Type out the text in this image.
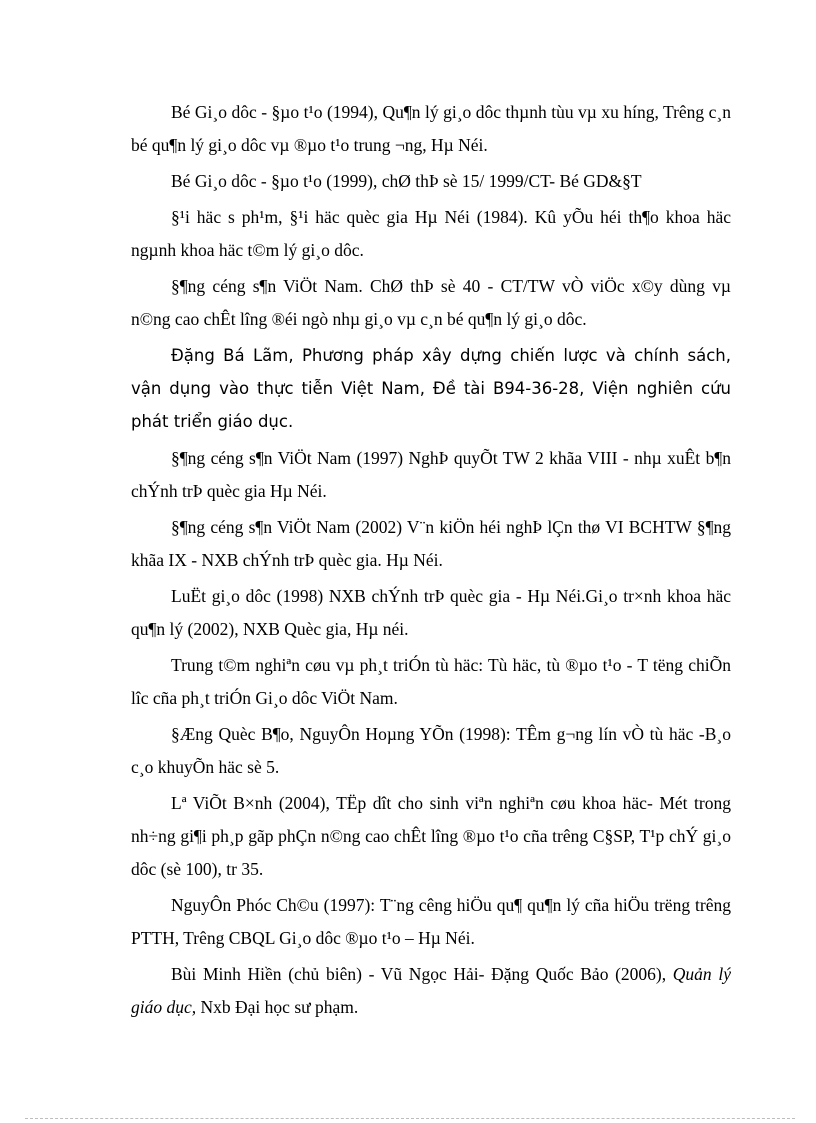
Bé Gi¸o dôc - §µo t¹o (1994), Qu¶n lý gi¸o dôc thµnh tùu vµ xu híng, Trêng c¸n bé qu¶n lý gi¸o dôc vµ ®µo t¹o trung ¬ng, Hµ Néi.

Bé Gi¸o dôc - §µo t¹o (1999), chØ thÞ sè 15/ 1999/CT- Bé GD&§T

§¹i häc s ph¹m, §¹i häc quèc gia Hµ Néi (1984). Kû yÕu héi th¶o khoa häc ngµnh khoa häc t©m lý gi¸o dôc.

§¶ng céng s¶n ViÖt Nam. ChØ thÞ sè 40 - CT/TW vÒ viÖc x©y dùng vµ n©ng cao chÊt lîng ®éi ngò nhµ gi¸o vµ c¸n bé qu¶n lý gi¸o dôc.

Đặng Bá Lãm, Phương pháp xây dựng chiến lược và chính sách, vận dụng vào thực tiễn Việt Nam, Đề tài B94-36-28, Viện nghiên cứu phát triển giáo dục.

§¶ng céng s¶n ViÖt Nam (1997) NghÞ quyÕt TW 2 khãa VIII - nhµ xuÊt b¶n chÝnh trÞ quèc gia Hµ Néi.

§¶ng céng s¶n ViÖt Nam (2002) V¨n kiÖn héi nghÞ lÇn thø VI BCHTW §¶ng khãa IX - NXB chÝnh trÞ quèc gia. Hµ Néi.

LuËt gi¸o dôc (1998) NXB chÝnh trÞ quèc gia - Hµ Néi.Gi¸o tr×nh khoa häc qu¶n lý (2002), NXB Quèc gia, Hµ néi.

Trung t©m nghiªn cøu vµ ph¸t triÓn tù häc: Tù häc, tù ®µo t¹o - T tëng chiÕn lîc cña ph¸t triÓn Gi¸o dôc ViÖt Nam.

§Æng Quèc B¶o, NguyÔn Hoµng YÕn (1998): TÊm g¬ng lín vÒ tù häc -B¸o c¸o khuyÕn häc sè 5.

Lª ViÕt B×nh (2004), TËp dît cho sinh viªn nghiªn cøu khoa häc- Mét trong nh÷ng gi¶i ph¸p gãp phÇn n©ng cao chÊt lîng ®µo t¹o cña trêng C§SP, T¹p chÝ gi¸o dôc (sè 100), tr 35.

NguyÔn Phóc Ch©u (1997): T¨ng cêng hiÖu qu¶ qu¶n lý cña hiÖu trëng trêng PTTH, Trêng CBQL Gi¸o dôc ®µo t¹o – Hµ Néi.

Bùi Minh Hiền (chủ biên) - Vũ Ngọc Hải- Đặng Quốc Bảo (2006), Quản lý giáo dục, Nxb Đại học sư phạm.
